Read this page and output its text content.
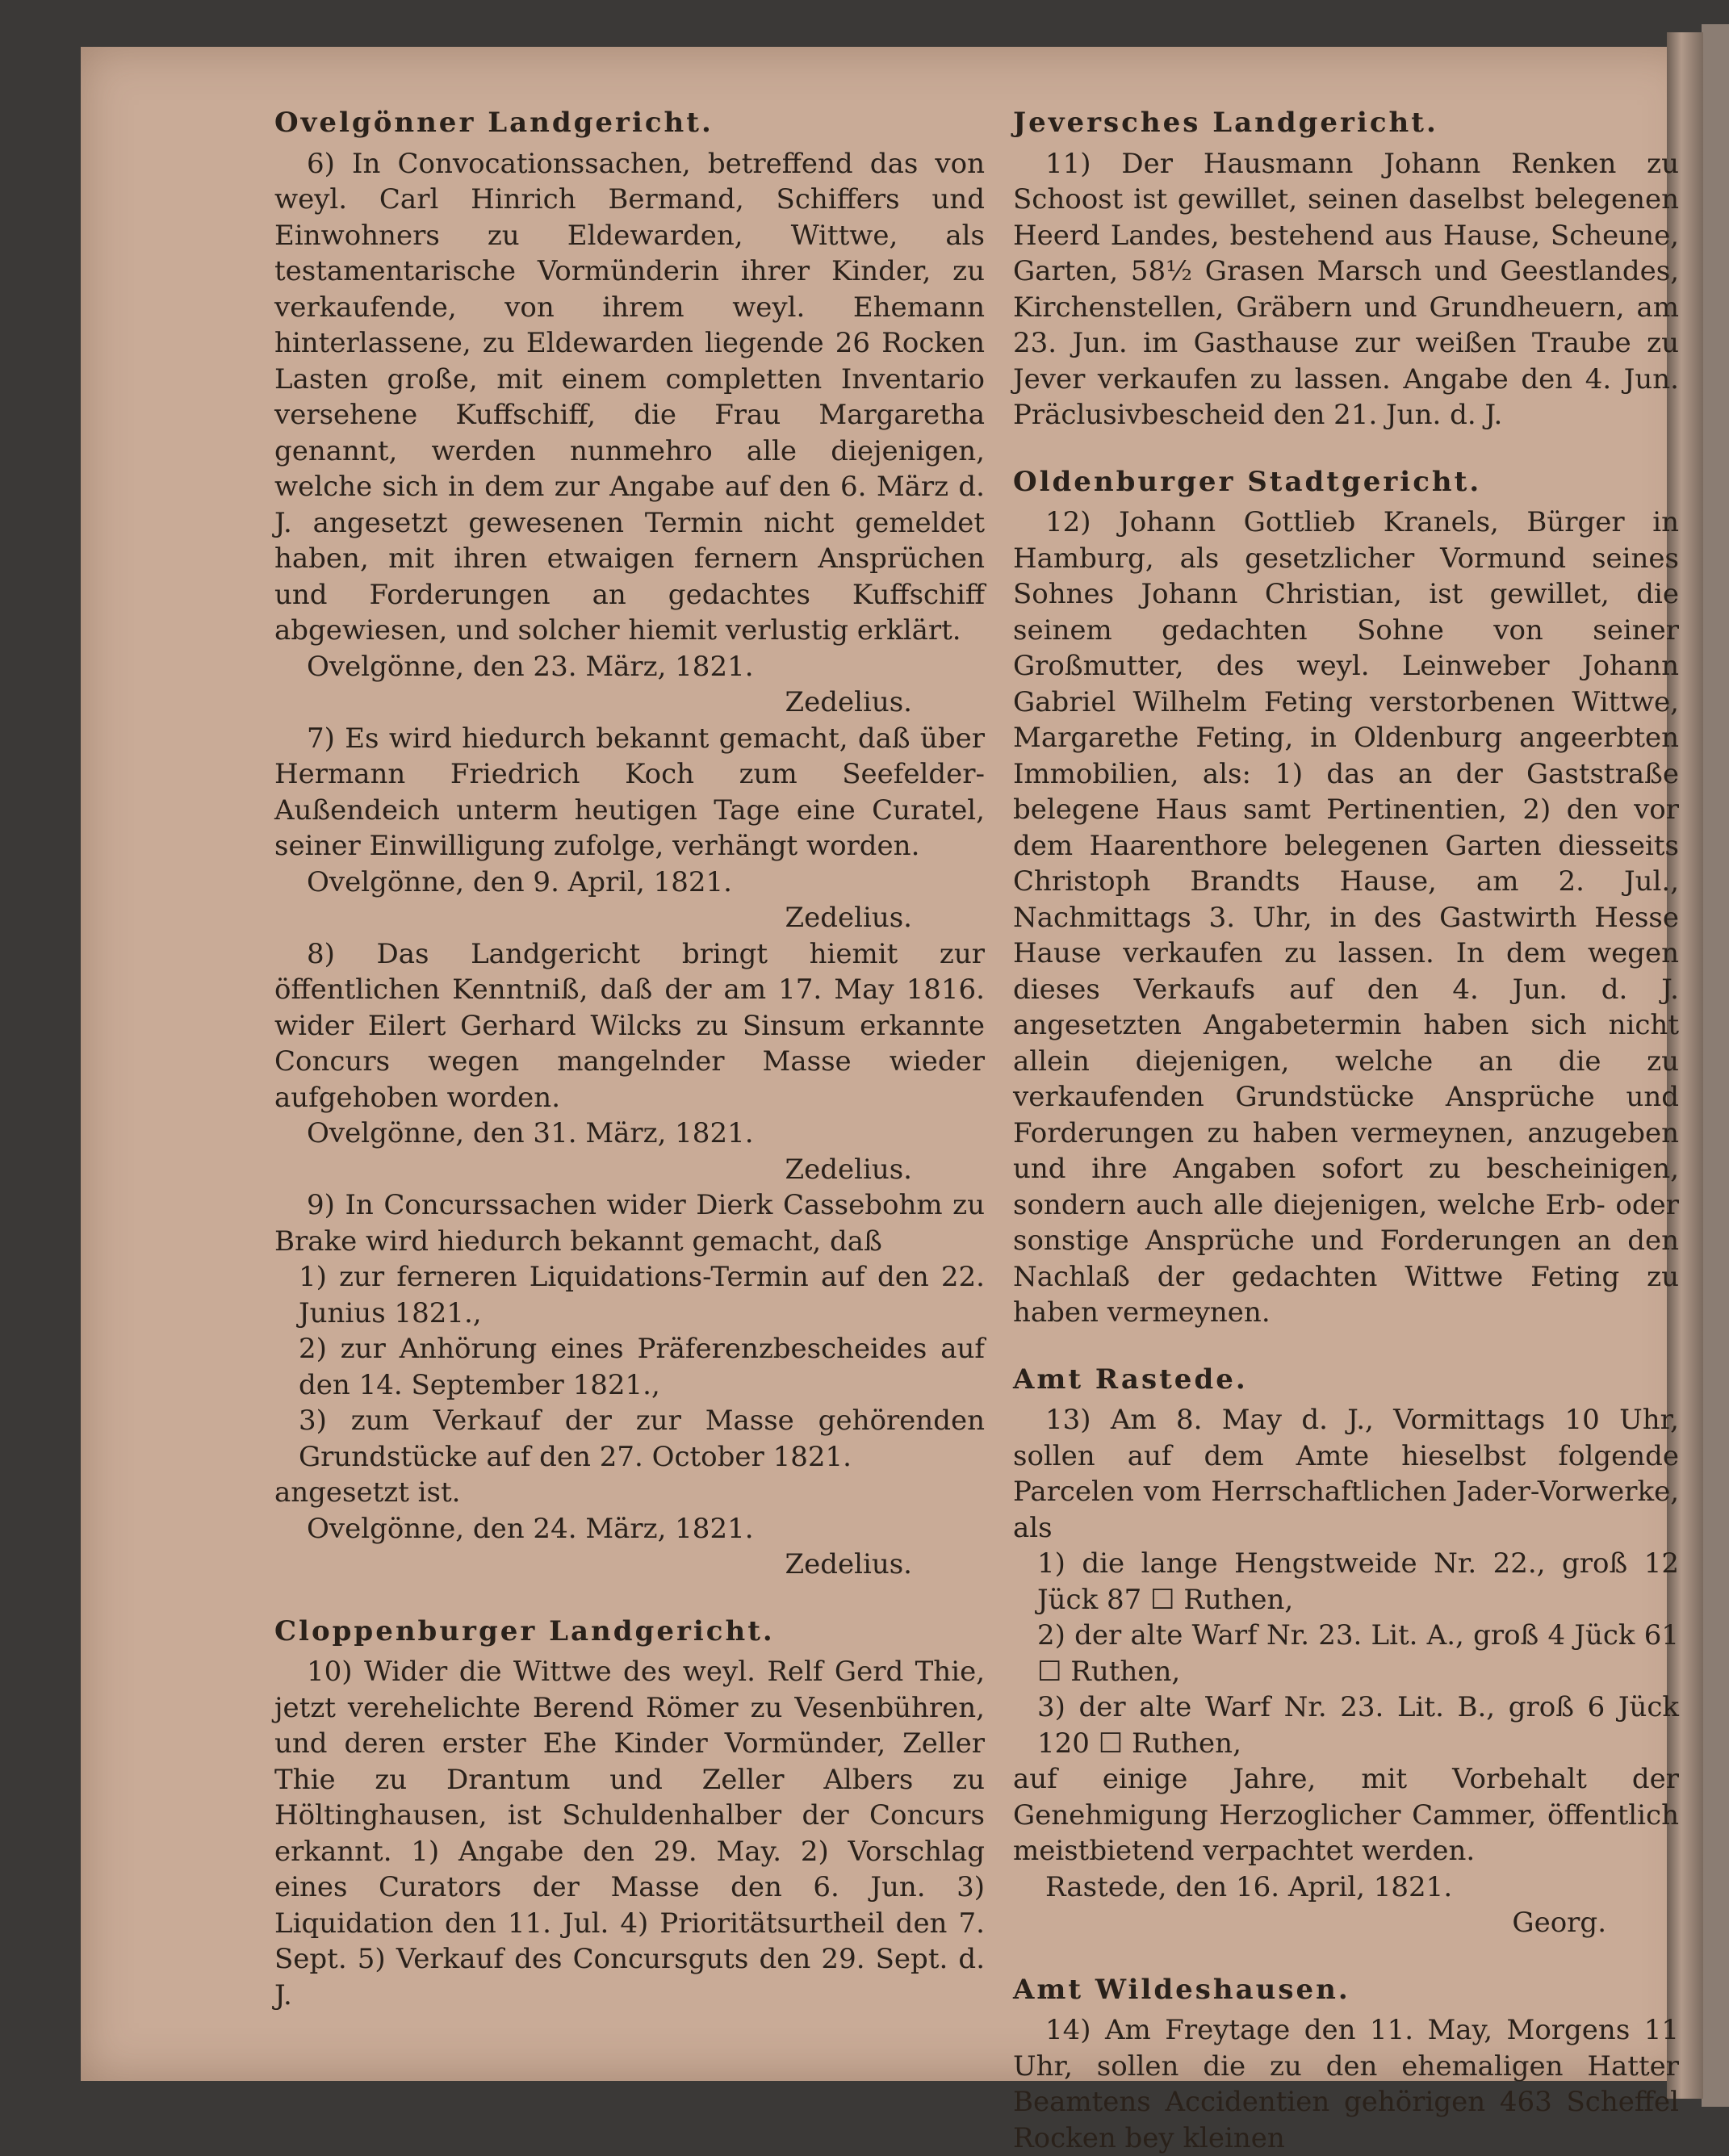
Ovelgönner Landgericht.

6) In Convocationssachen, betreffend das von weyl. Carl Hinrich Bermand, Schiffers und Einwohners zu Eldewarden, Wittwe, als testamentarische Vormünderin ihrer Kinder, zu verkaufende, von ihrem weyl. Ehemann hinterlassene, zu Eldewarden liegende 26 Rocken Lasten große, mit einem completten Inventario versehene Kuffschiff, die Frau Margaretha genannt, werden nunmehro alle diejenigen, welche sich in dem zur Angabe auf den 6. März d. J. angesetzt gewesenen Termin nicht gemeldet haben, mit ihren etwaigen fernern Ansprüchen und Forderungen an gedachtes Kuffschiff abgewiesen, und solcher hiemit verlustig erklärt.

Ovelgönne, den 23. März, 1821.

Zedelius.

7) Es wird hiedurch bekannt gemacht, daß über Hermann Friedrich Koch zum Seefelder-Außendeich unterm heutigen Tage eine Curatel, seiner Einwilligung zufolge, verhängt worden.

Ovelgönne, den 9. April, 1821.

Zedelius.

8) Das Landgericht bringt hiemit zur öffentlichen Kenntniß, daß der am 17. May 1816. wider Eilert Gerhard Wilcks zu Sinsum erkannte Concurs wegen mangelnder Masse wieder aufgehoben worden.

Ovelgönne, den 31. März, 1821.

Zedelius.

9) In Concurssachen wider Dierk Cassebohm zu Brake wird hiedurch bekannt gemacht, daß

1) zur ferneren Liquidations-Termin auf den 22. Junius 1821.,

2) zur Anhörung eines Präferenzbescheides auf den 14. September 1821.,

3) zum Verkauf der zur Masse gehörenden Grundstücke auf den 27. October 1821.

angesetzt ist.

Ovelgönne, den 24. März, 1821.

Zedelius.

Cloppenburger Landgericht.

10) Wider die Wittwe des weyl. Relf Gerd Thie, jetzt verehelichte Berend Römer zu Vesenbühren, und deren erster Ehe Kinder Vormünder, Zeller Thie zu Drantum und Zeller Albers zu Höltinghausen, ist Schuldenhalber der Concurs erkannt. 1) Angabe den 29. May. 2) Vorschlag eines Curators der Masse den 6. Jun. 3) Liquidation den 11. Jul. 4) Prioritätsurtheil den 7. Sept. 5) Verkauf des Concursguts den 29. Sept. d. J.

Jeversches Landgericht.

11) Der Hausmann Johann Renken zu Schoost ist gewillet, seinen daselbst belegenen Heerd Landes, bestehend aus Hause, Scheune, Garten, 58½ Grasen Marsch und Geestlandes, Kirchenstellen, Gräbern und Grundheuern, am 23. Jun. im Gasthause zur weißen Traube zu Jever verkaufen zu lassen. Angabe den 4. Jun. Präclusivbescheid den 21. Jun. d. J.

Oldenburger Stadtgericht.

12) Johann Gottlieb Kranels, Bürger in Hamburg, als gesetzlicher Vormund seines Sohnes Johann Christian, ist gewillet, die seinem gedachten Sohne von seiner Großmutter, des weyl. Leinweber Johann Gabriel Wilhelm Feting verstorbenen Wittwe, Margarethe Feting, in Oldenburg angeerbten Immobilien, als: 1) das an der Gaststraße belegene Haus samt Pertinentien, 2) den vor dem Haarenthore belegenen Garten diesseits Christoph Brandts Hause, am 2. Jul., Nachmittags 3. Uhr, in des Gastwirth Hesse Hause verkaufen zu lassen. In dem wegen dieses Verkaufs auf den 4. Jun. d. J. angesetzten Angabetermin haben sich nicht allein diejenigen, welche an die zu verkaufenden Grundstücke Ansprüche und Forderungen zu haben vermeynen, anzugeben und ihre Angaben sofort zu bescheinigen, sondern auch alle diejenigen, welche Erb- oder sonstige Ansprüche und Forderungen an den Nachlaß der gedachten Wittwe Feting zu haben vermeynen.

Amt Rastede.

13) Am 8. May d. J., Vormittags 10 Uhr, sollen auf dem Amte hieselbst folgende Parcelen vom Herrschaftlichen Jader-Vorwerke, als

1) die lange Hengstweide Nr. 22., groß 12 Jück 87 ☐ Ruthen,

2) der alte Warf Nr. 23. Lit. A., groß 4 Jück 61 ☐ Ruthen,

3) der alte Warf Nr. 23. Lit. B., groß 6 Jück 120 ☐ Ruthen,

auf einige Jahre, mit Vorbehalt der Genehmigung Herzoglicher Cammer, öffentlich meistbietend verpachtet werden.

Rastede, den 16. April, 1821.

Georg.

Amt Wildeshausen.

14) Am Freytage den 11. May, Morgens 11 Uhr, sollen die zu den ehemaligen Hatter Beamtens Accidentien gehörigen 463 Scheffel Rocken bey kleinen
